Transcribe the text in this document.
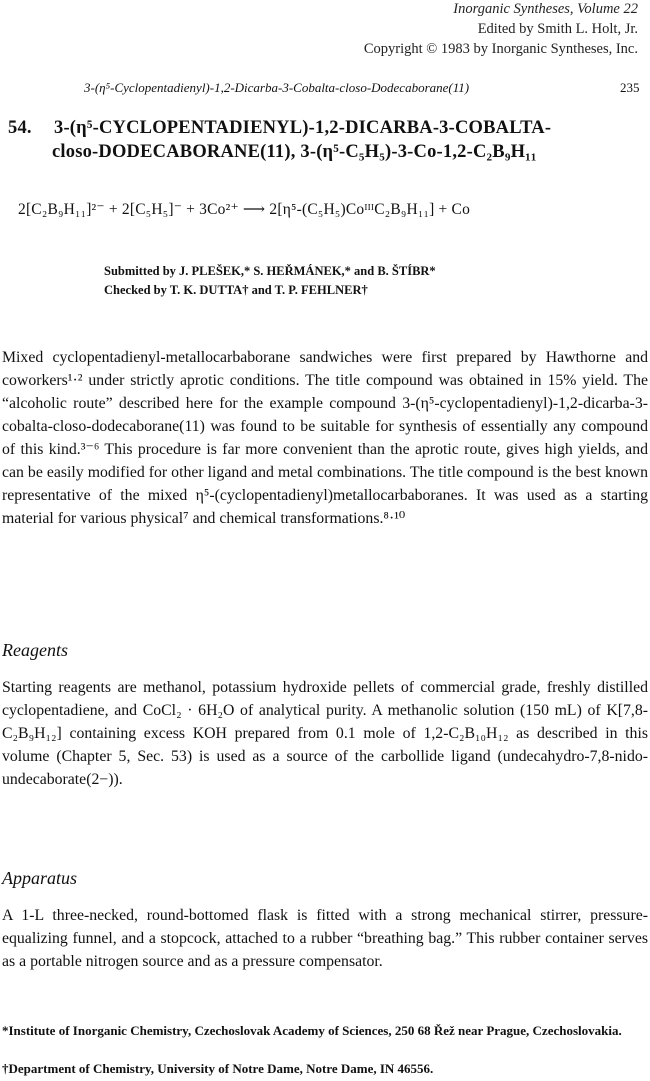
Inorganic Syntheses, Volume 22
Edited by Smith L. Holt, Jr.
Copyright © 1983 by Inorganic Syntheses, Inc.
3-(η⁵-Cyclopentadienyl)-1,2-Dicarba-3-Cobalta-closo-Dodecaborane(11)	235
54. 3-(η⁵-CYCLOPENTADIENYL)-1,2-DICARBA-3-COBALTA-
closo-DODECABORANE(11), 3-(η⁵-C₅H₅)-3-Co-1,2-C₂B₉H₁₁
2[C₂B₉H₁₁]²⁻ + 2[C₅H₅]⁻ + 3Co²⁺ ⟶ 2[η⁵-(C₅H₅)CoᴵᴵᴵC₂B₉H₁₁] + Co
Submitted by J. PLEŠEK,* S. HEŘMÁNEK,* and B. ŠTÍBR*
Checked by T. K. DUTTA† and T. P. FEHLNER†
Mixed cyclopentadienyl-metallocarbaborane sandwiches were first prepared by Hawthorne and coworkers¹·² under strictly aprotic conditions. The title compound was obtained in 15% yield. The “alcoholic route” described here for the example compound 3-(η⁵-cyclopentadienyl)-1,2-dicarba-3-cobalta-closo-dodecaborane(11) was found to be suitable for synthesis of essentially any compound of this kind.³⁻⁶ This procedure is far more convenient than the aprotic route, gives high yields, and can be easily modified for other ligand and metal combinations. The title compound is the best known representative of the mixed η⁵-(cyclopentadienyl)metallocarbaboranes. It was used as a starting material for various physical⁷ and chemical transformations.⁸·¹⁰
Reagents
Starting reagents are methanol, potassium hydroxide pellets of commercial grade, freshly distilled cyclopentadiene, and CoCl₂ · 6H₂O of analytical purity. A methanolic solution (150 mL) of K[7,8-C₂B₉H₁₂] containing excess KOH prepared from 0.1 mole of 1,2-C₂B₁₀H₁₂ as described in this volume (Chapter 5, Sec. 53) is used as a source of the carbollide ligand (undecahydro-7,8-nido-undecaborate(2−)).
Apparatus
A 1-L three-necked, round-bottomed flask is fitted with a strong mechanical stirrer, pressure-equalizing funnel, and a stopcock, attached to a rubber “breathing bag.” This rubber container serves as a portable nitrogen source and as a pressure compensator.
*Institute of Inorganic Chemistry, Czechoslovak Academy of Sciences, 250 68 Řež near Prague, Czechoslovakia.
†Department of Chemistry, University of Notre Dame, Notre Dame, IN 46556.
